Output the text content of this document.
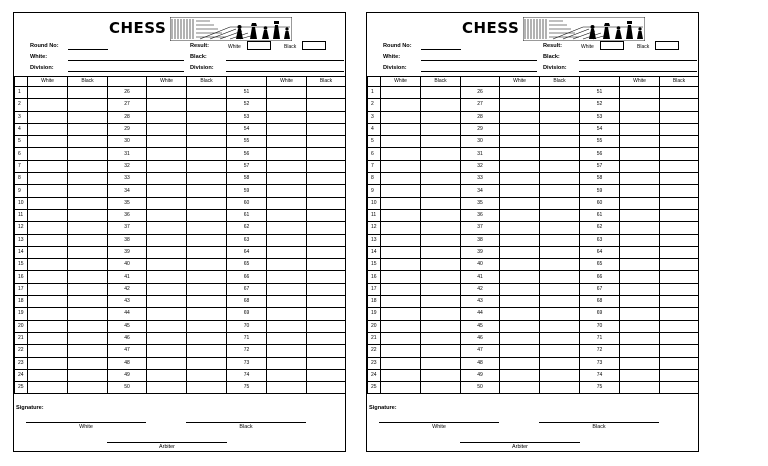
CHESS
Round No:
White:
Division:
Result:	White	Black
Black:
Division:
	White	Black		White	Black		White	Black
1			26			51		
2			27			52		
3			28			53		
4			29			54		
5			30			55		
6			31			56		
7			32			57		
8			33			58		
9			34			59		
10			35			60		
11			36			61		
12			37			62		
13			38			63		
14			39			64		
15			40			65		
16			41			66		
17			42			67		
18			43			68		
19			44			69		
20			45			70		
21			46			71		
22			47			72		
23			48			73		
24			49			74		
25			50			75		
Signature:
White	Black
Arbiter
CHESS
Round No:
White:
Division:
Result:	White	Black
Black:
Division:
	White	Black		White	Black		White	Black
1			26			51		
2			27			52		
3			28			53		
4			29			54		
5			30			55		
6			31			56		
7			32			57		
8			33			58		
9			34			59		
10			35			60		
11			36			61		
12			37			62		
13			38			63		
14			39			64		
15			40			65		
16			41			66		
17			42			67		
18			43			68		
19			44			69		
20			45			70		
21			46			71		
22			47			72		
23			48			73		
24			49			74		
25			50			75		
Signature:
White	Black
Arbiter
